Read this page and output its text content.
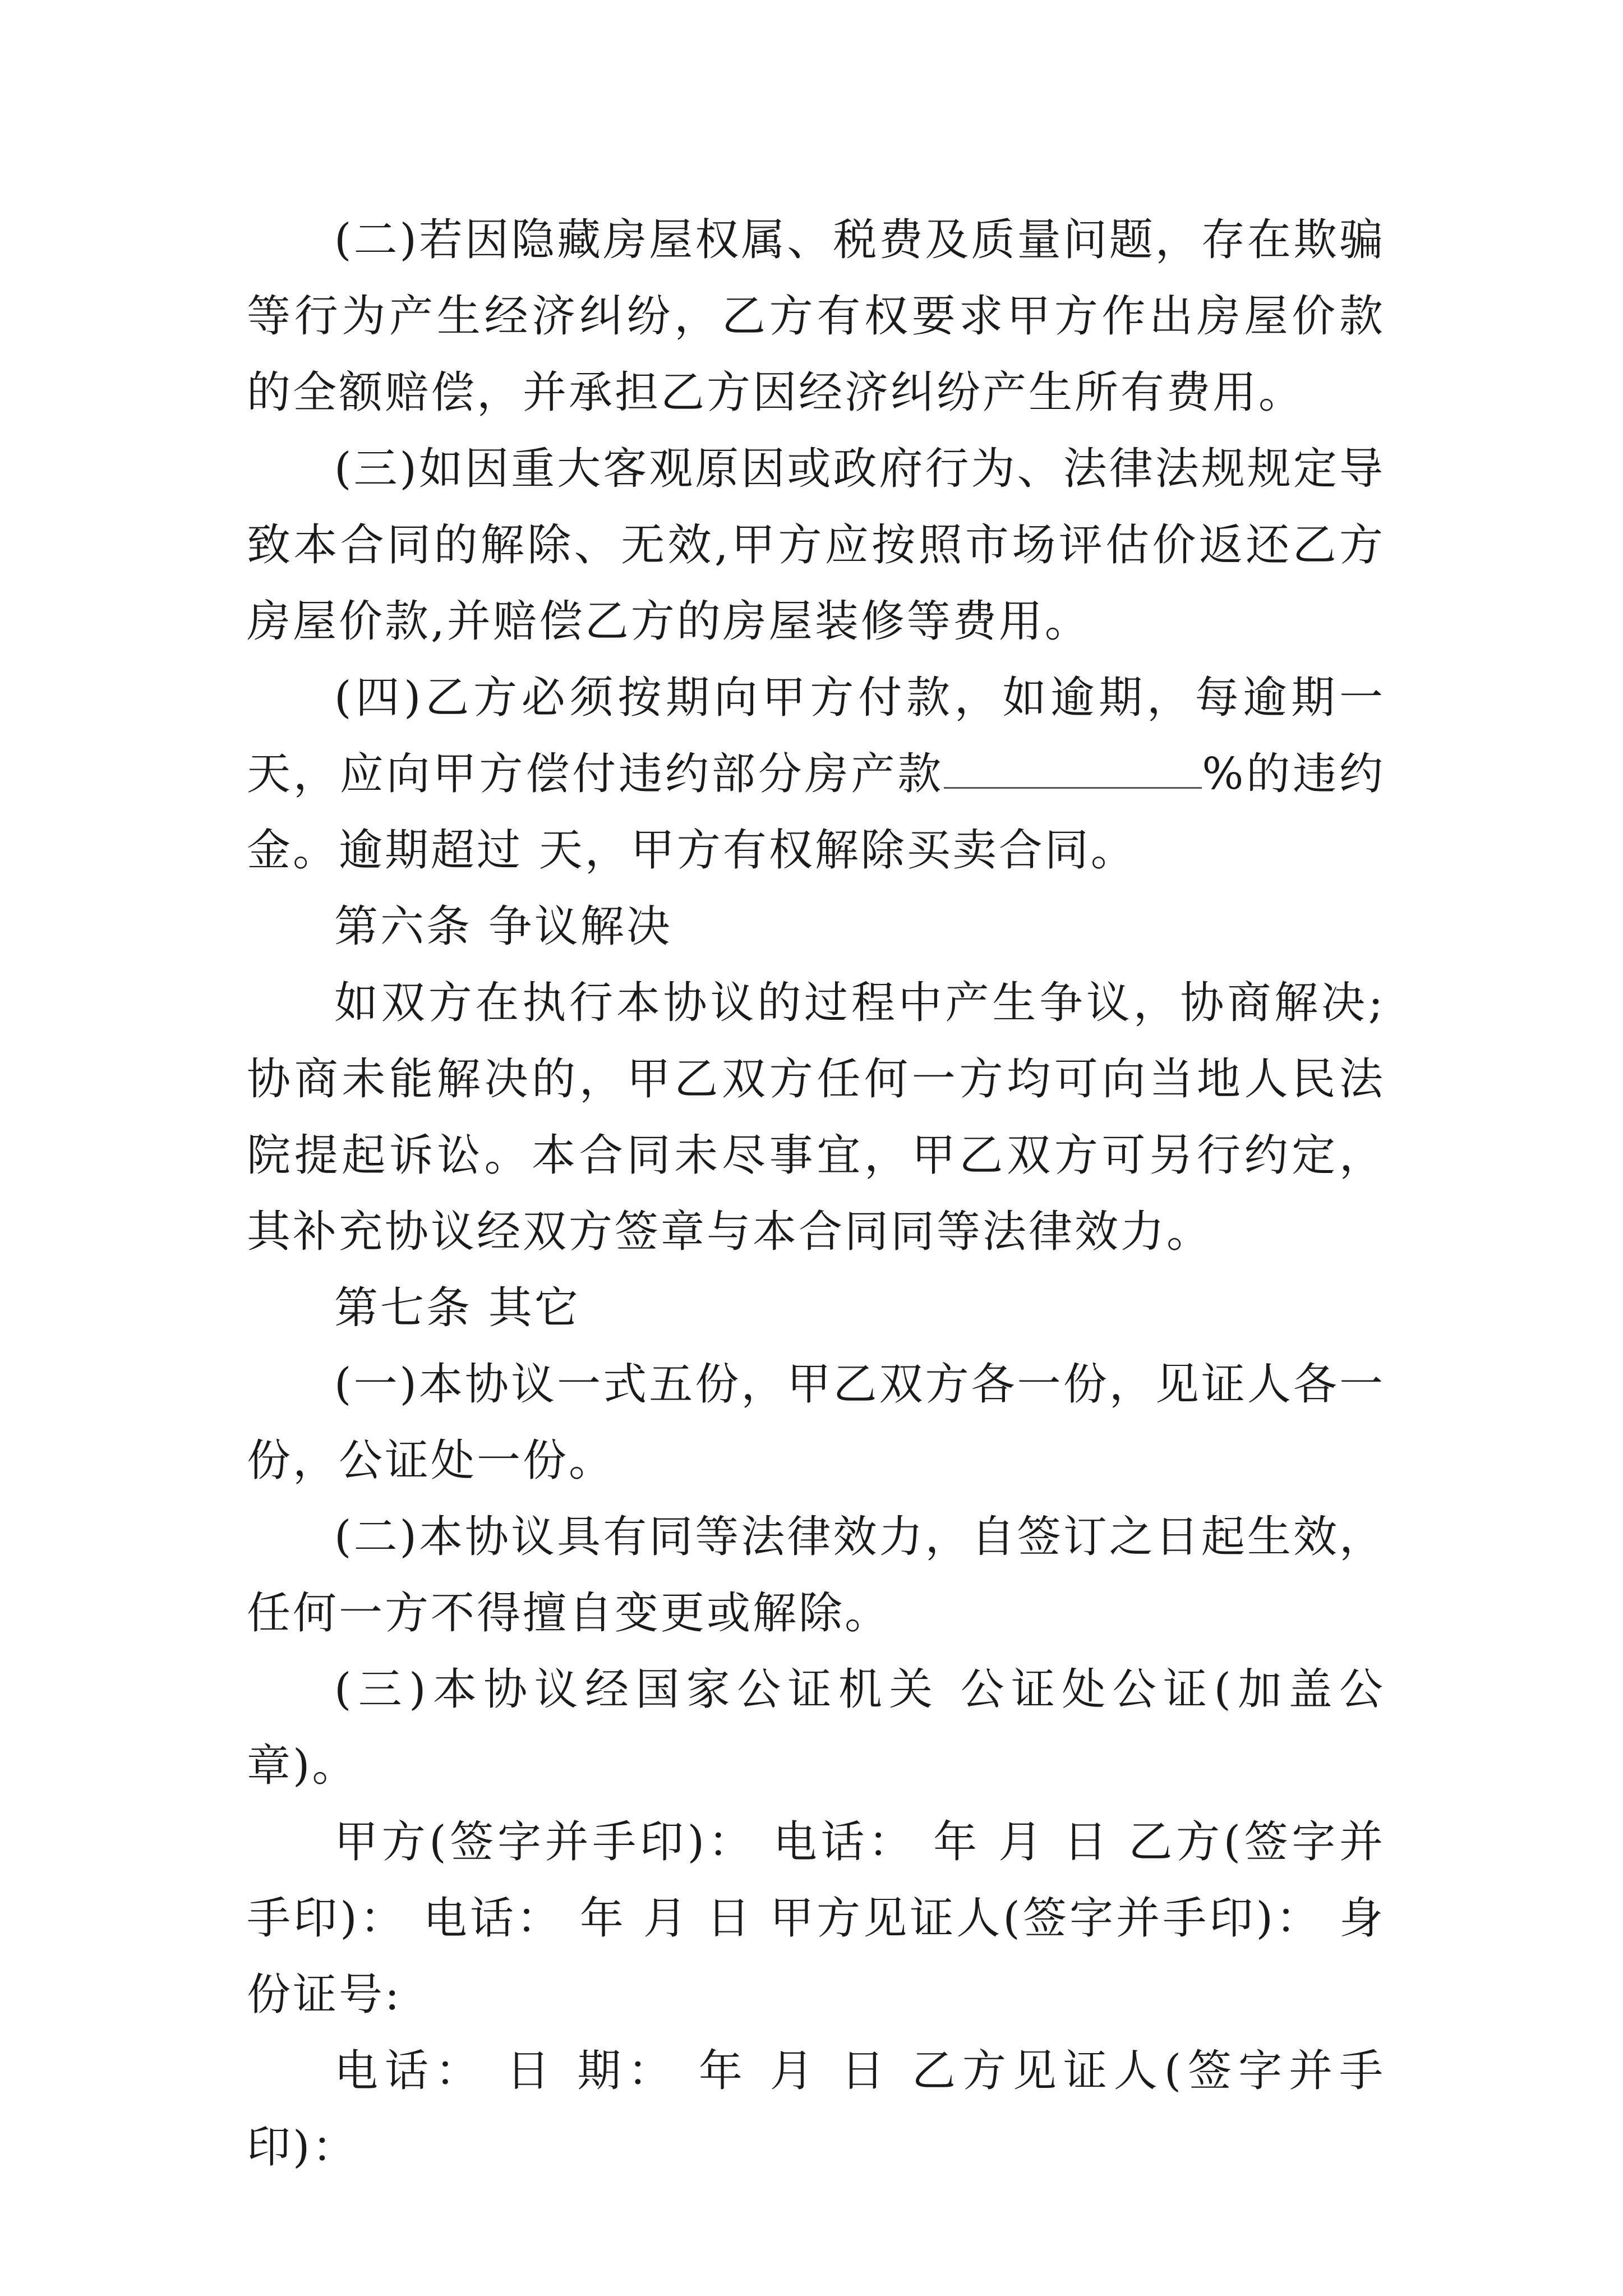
(二)若因隐藏房屋权属、税费及质量问题，存在欺骗等行为产生经济纠纷，乙方有权要求甲方作出房屋价款的全额赔偿，并承担乙方因经济纠纷产生所有费用。

(三)如因重大客观原因或政府行为、法律法规规定导致本合同的解除、无效,甲方应按照市场评估价返还乙方房屋价款,并赔偿乙方的房屋装修等费用。

(四)乙方必须按期向甲方付款，如逾期，每逾期一天，应向甲方偿付违约部分房产款	%的违约金。逾期超过 天，甲方有权解除买卖合同。

第六条 争议解决

如双方在执行本协议的过程中产生争议，协商解决;协商未能解决的，甲乙双方任何一方均可向当地人民法院提起诉讼。本合同未尽事宜，甲乙双方可另行约定，其补充协议经双方签章与本合同同等法律效力。

第七条 其它

(一)本协议一式五份，甲乙双方各一份，见证人各一份，公证处一份。

(二)本协议具有同等法律效力，自签订之日起生效，任何一方不得擅自变更或解除。

(三)本协议经国家公证机关 公证处公证(加盖公章)。

甲方(签字并手印)： 电话： 年 月 日 乙方(签字并手印)： 电话： 年 月 日 甲方见证人(签字并手印)： 身份证号:

电话： 日 期： 年 月 日 乙方见证人(签字并手印)：
